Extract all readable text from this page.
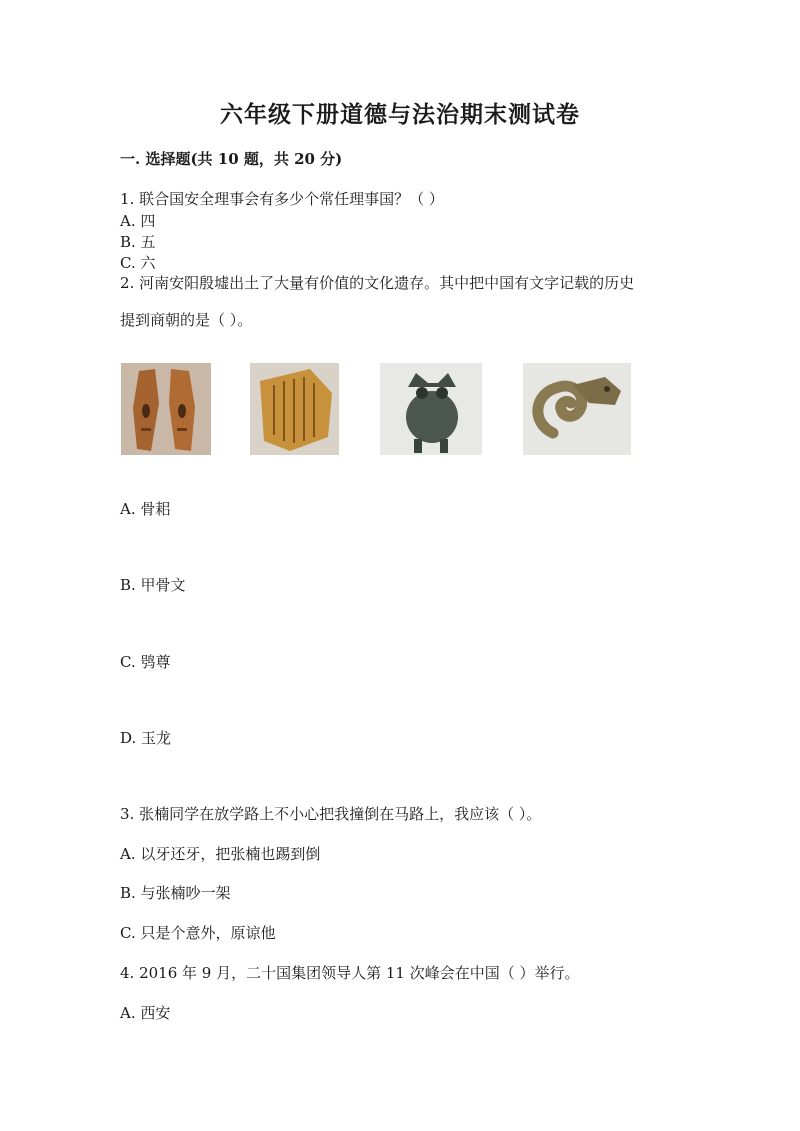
六年级下册道德与法治期末测试卷
一. 选择题(共 10 题，共 20 分)
1. 联合国安全理事会有多少个常任理事国？（ ）
A. 四
B. 五
C. 六
2. 河南安阳殷墟出土了大量有价值的文化遗存。其中把中国有文字记载的历史
提到商朝的是（ ）。
A. 骨耜
B. 甲骨文
C. 鸮尊
D. 玉龙
3. 张楠同学在放学路上不小心把我撞倒在马路上，我应该（ ）。
A. 以牙还牙，把张楠也踢到倒
B. 与张楠吵一架
C. 只是个意外，原谅他
4. 2016 年 9 月，二十国集团领导人第 11 次峰会在中国（ ）举行。
A. 西安
